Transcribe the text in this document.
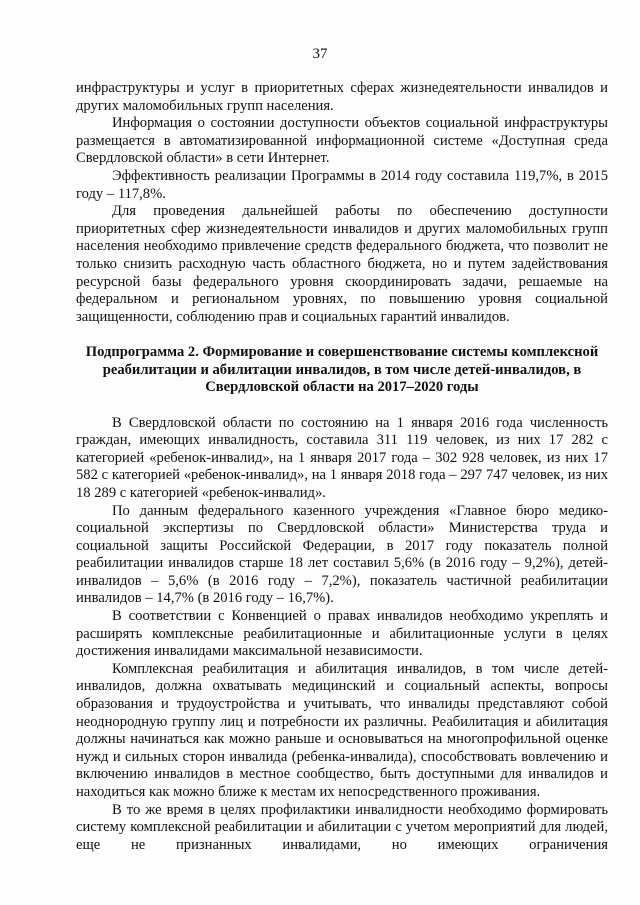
37

инфраструктуры и услуг в приоритетных сферах жизнедеятельности инвалидов и других маломобильных групп населения.

Информация о состоянии доступности объектов социальной инфраструктуры размещается в автоматизированной информационной системе «Доступная среда Свердловской области» в сети Интернет.

Эффективность реализации Программы в 2014 году составила 119,7%, в 2015 году – 117,8%.

Для проведения дальнейшей работы по обеспечению доступности приоритетных сфер жизнедеятельности инвалидов и других маломобильных групп населения необходимо привлечение средств федерального бюджета, что позволит не только снизить расходную часть областного бюджета, но и путем задействования ресурсной базы федерального уровня скоординировать задачи, решаемые на федеральном и региональном уровнях, по повышению уровня социальной защищенности, соблюдению прав и социальных гарантий инвалидов.

Подпрограмма 2. Формирование и совершенствование системы комплексной реабилитации и абилитации инвалидов, в том числе детей-инвалидов, в Свердловской области на 2017–2020 годы

В Свердловской области по состоянию на 1 января 2016 года численность граждан, имеющих инвалидность, составила 311 119 человек, из них 17 282 с категорией «ребенок-инвалид», на 1 января 2017 года – 302 928 человек, из них 17 582 с категорией «ребенок-инвалид», на 1 января 2018 года – 297 747 человек, из них 18 289 с категорией «ребенок-инвалид».

По данным федерального казенного учреждения «Главное бюро медико-социальной экспертизы по Свердловской области» Министерства труда и социальной защиты Российской Федерации, в 2017 году показатель полной реабилитации инвалидов старше 18 лет составил 5,6% (в 2016 году – 9,2%), детей-инвалидов – 5,6% (в 2016 году – 7,2%), показатель частичной реабилитации инвалидов – 14,7% (в 2016 году – 16,7%).

В соответствии с Конвенцией о правах инвалидов необходимо укреплять и расширять комплексные реабилитационные и абилитационные услуги в целях достижения инвалидами максимальной независимости.

Комплексная реабилитация и абилитация инвалидов, в том числе детей-инвалидов, должна охватывать медицинский и социальный аспекты, вопросы образования и трудоустройства и учитывать, что инвалиды представляют собой неоднородную группу лиц и потребности их различны. Реабилитация и абилитация должны начинаться как можно раньше и основываться на многопрофильной оценке нужд и сильных сторон инвалида (ребенка-инвалида), способствовать вовлечению и включению инвалидов в местное сообщество, быть доступными для инвалидов и находиться как можно ближе к местам их непосредственного проживания.

В то же время в целях профилактики инвалидности необходимо формировать систему комплексной реабилитации и абилитации с учетом мероприятий для людей, еще не признанных инвалидами, но имеющих ограничения
